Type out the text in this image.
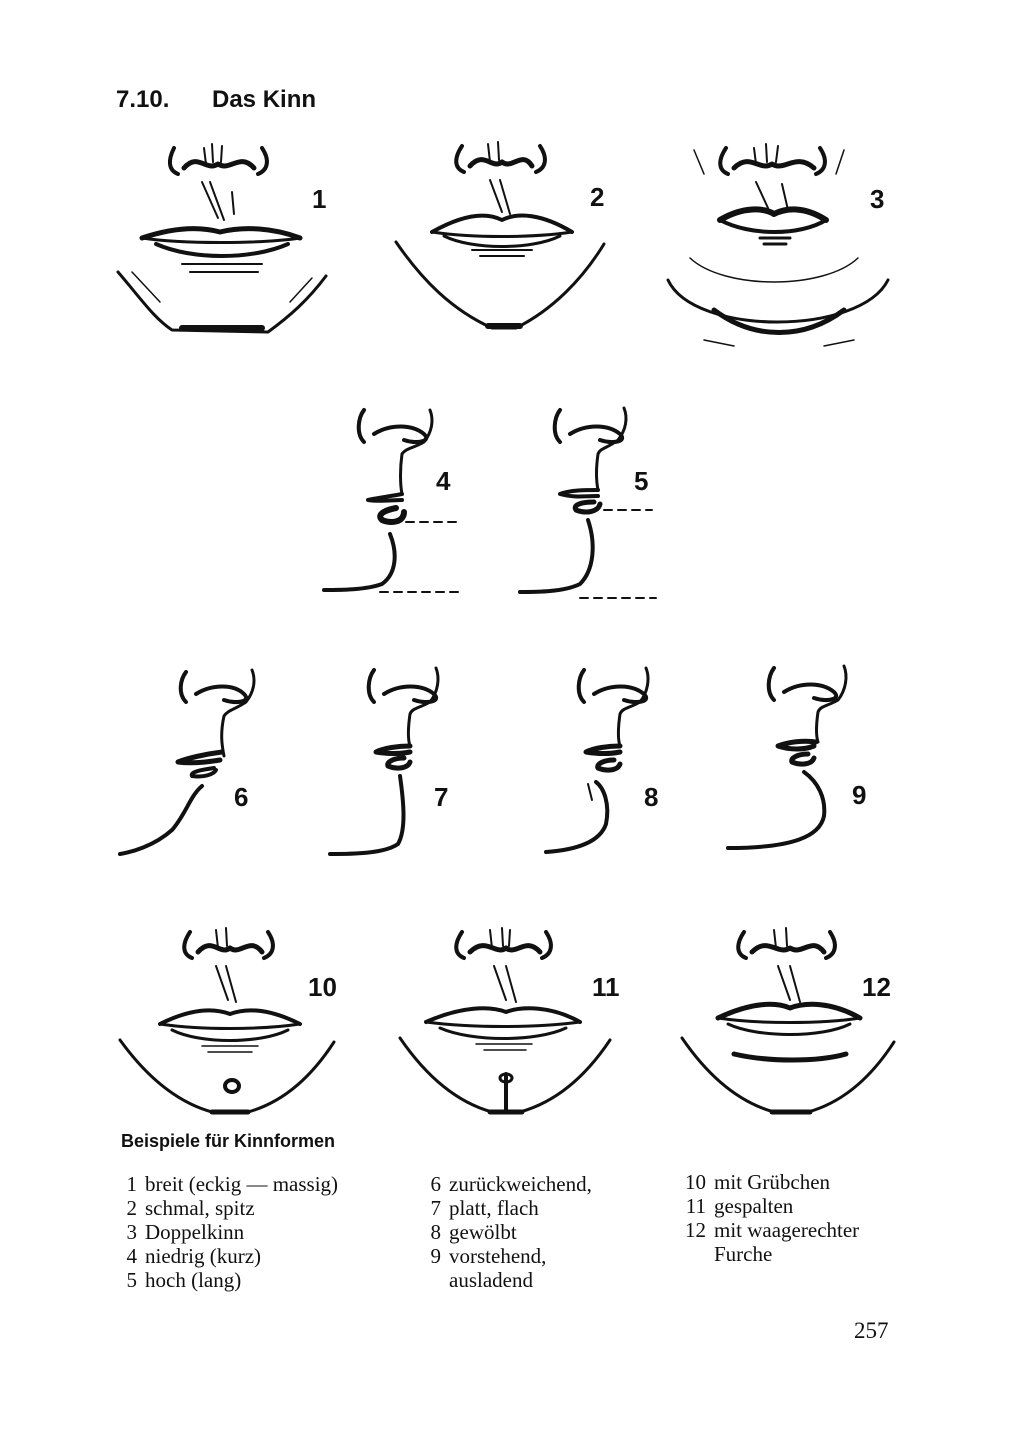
7.10. Das Kinn
1	2	3
4	5
6	7	8	9
10	11	12
Beispiele für Kinnformen
1 breit (eckig — massig)
2 schmal, spitz
3 Doppelkinn
4 niedrig (kurz)
5 hoch (lang)
6 zurückweichend,
7 platt, flach
8 gewölbt
9 vorstehend,
ausladend
10 mit Grübchen
11 gespalten
12 mit waagerechter
Furche
257
